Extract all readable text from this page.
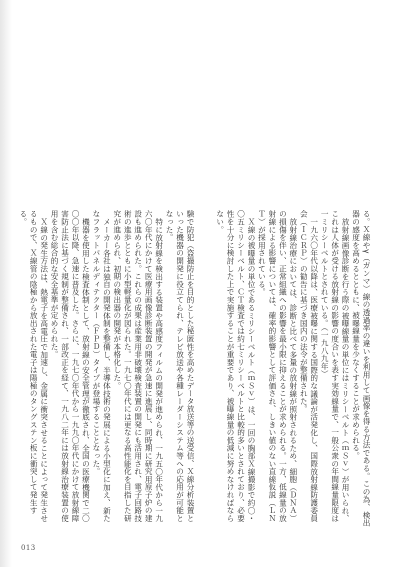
る。Ｘ線やγ（ガンマ）線の透過率の違いを利用して画像を得る方法である。この為、検出器の感度を高めるとともに、被曝線量を少なくすることが求められる。

放射線画像診断を行う際の被曝線量の単位にはミリシーベルト（ｍＳｖ）が用いられ、これは人体が受ける放射線の影響の度合いを表す実効線量で、一般公衆の年間線量限度は一ミリシーベルトとされている。（一九八九年）

一九六〇年代以降は、医療被曝に関する国際的な議論が活発化し、国際放射線防護委員会（ＩＣＲＰ）の勧告に基づき国内の法令が整備された。

放射線治療においては、診断と比べて多量の放射線が照射されるため、細胞（ＤＮＡ）の損傷を伴い、正常組織への影響を最小限に抑えることが求められる。一方、低線量の放射線による影響については、確率的影響として評価され、しきい値のない直線仮説（ＬＮＴ）が採用されている。

Ｘ線の被曝量の単位であるミリシーベルト（ｍＳｖ）は、一回の胸部Ｘ線撮影で約〇・〇五ミリシーベルト、ＣＴ検査では約七ミリシーベルトと比較的多いとされており、必要性を十分に検討した上で実施することが重要であり、被曝線量の低減に努めなければならない。

験で防犯（盗撮防止を目的とした秘匿性を高めたデータ放送等の送受信、Ｘ線分析装置といった機器の開発に役立てられ、テレビ放送や各種レーダーシステム等への応用が可能となった。

特に放射線を検出する装置や高感度フィルムの開発が進められ、一九五〇年代から一九六〇年代にかけて医療用画像診断装置の開発が急速に進展し、同時期に研究用原子炉の建設も進められた。これらの成果は産業用非破壊検査装置の開発にも活用され、電子回路技術の進歩とともに小型軽量化が図られた。一九七〇年代には更なる高性能化を目指した研究が進められ、初期の検出器の開発が本格化した。

メーカー各社は独自の開発体制を整備し、半導体技術の発展による小型化に加え、新たなフラットパネルディテクター（ＦＰＤ）タイプが登場することとなった。

機器を使用した検査体制として、放射線の安全管理が徹底され、全国の医療機関で二〇〇〇年以降、急速に普及した。さらに、一九七〇年代から一九九〇年代にかけて放射線障害防止法に基づく規制が整備され、一部改正を経て、一九八二年には放射線治療装置の使用を含む総合的な安全基準が定められた。

Ｘ線の発生方法は、熱電子を高電圧で加速し、金属に衝突させることによって発生させるもので、Ｘ線管の陰極から放出された電子は陽極のタングステン板に衝突して発生する。

013
